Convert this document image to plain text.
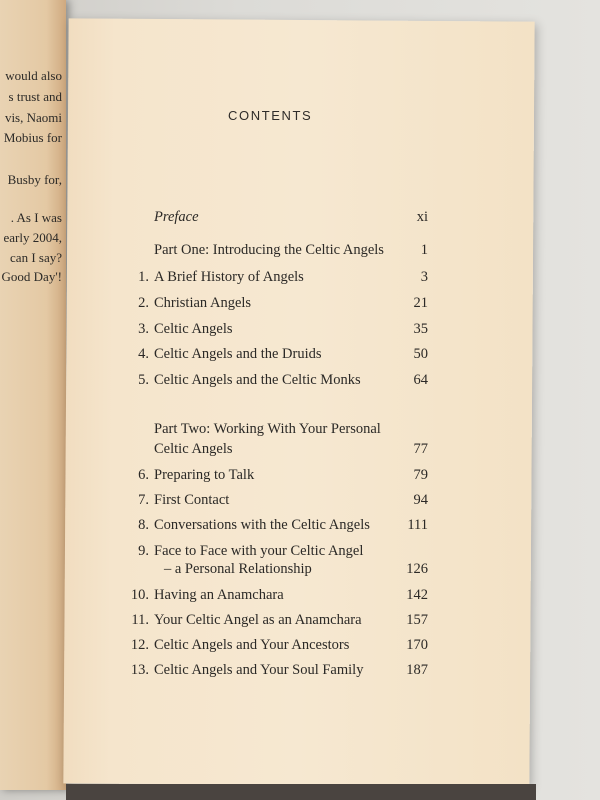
would also
s trust and
vis, Naomi
Mobius for
Busby for,
. As I was
early 2004,
can I say?
Good Day'!
CONTENTS
Preface	xi
Part One: Introducing the Celtic Angels	1
1. A Brief History of Angels	3
2. Christian Angels	21
3. Celtic Angels	35
4. Celtic Angels and the Druids	50
5. Celtic Angels and the Celtic Monks	64
Part Two: Working With Your Personal
Celtic Angels	77
6. Preparing to Talk	79
7. First Contact	94
8. Conversations with the Celtic Angels	111
9. Face to Face with your Celtic Angel
– a Personal Relationship	126
10. Having an Anamchara	142
11. Your Celtic Angel as an Anamchara	157
12. Celtic Angels and Your Ancestors	170
13. Celtic Angels and Your Soul Family	187
